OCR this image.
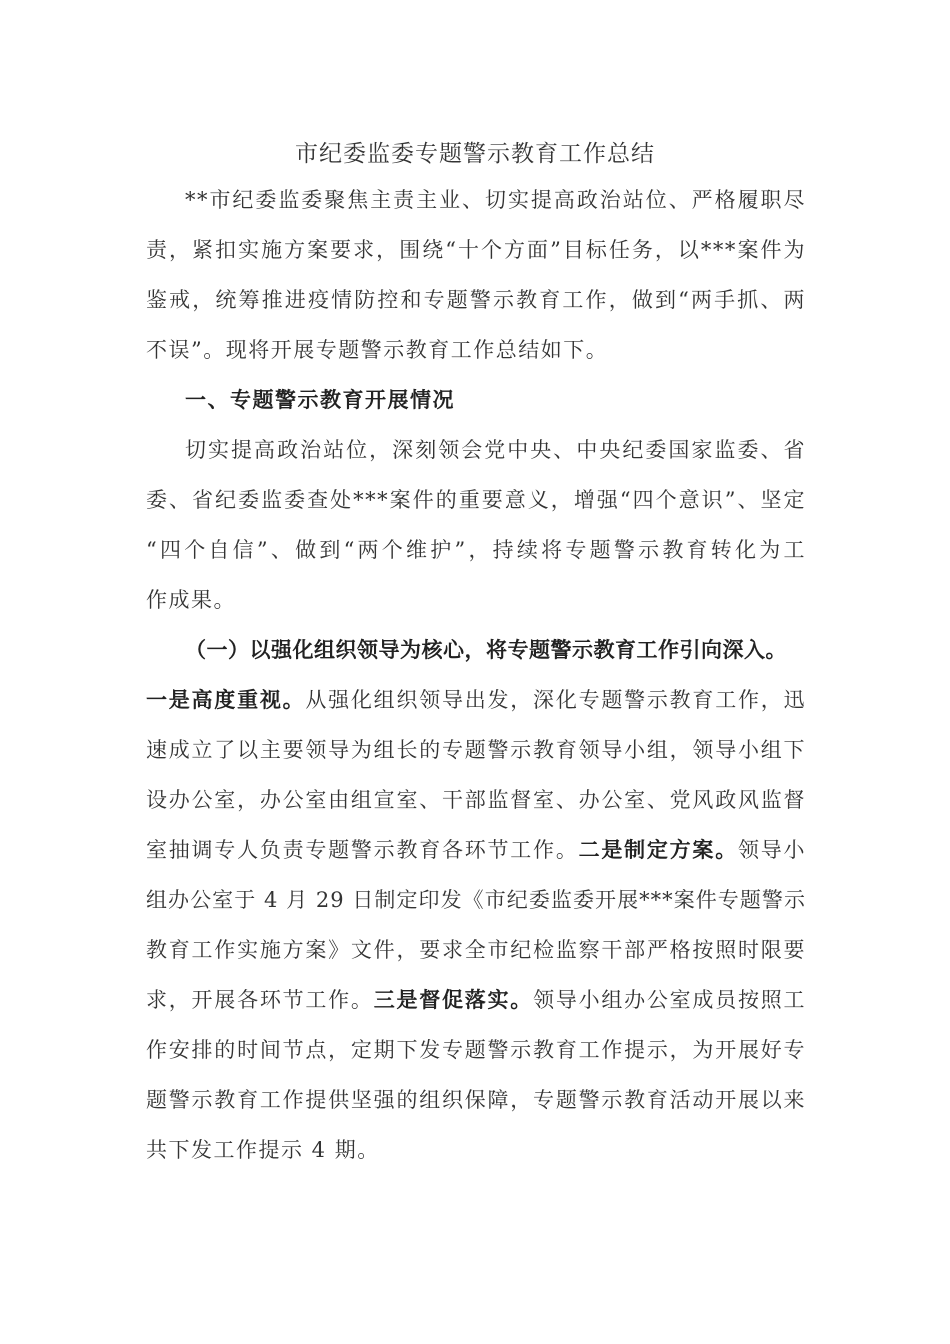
市纪委监委专题警示教育工作总结
**市纪委监委聚焦主责主业、切实提高政治站位、严格履职尽
责，紧扣实施方案要求，围绕“十个方面”目标任务，以***案件为
鉴戒，统筹推进疫情防控和专题警示教育工作，做到“两手抓、两
不误”。现将开展专题警示教育工作总结如下。
一、专题警示教育开展情况
切实提高政治站位，深刻领会党中央、中央纪委国家监委、省
委、省纪委监委查处***案件的重要意义，增强“四个意识”、坚定
“四个自信”、做到“两个维护”，持续将专题警示教育转化为工
作成果。
（一）以强化组织领导为核心，将专题警示教育工作引向深入。
一是高度重视。从强化组织领导出发，深化专题警示教育工作，迅
速成立了以主要领导为组长的专题警示教育领导小组，领导小组下
设办公室，办公室由组宣室、干部监督室、办公室、党风政风监督
室抽调专人负责专题警示教育各环节工作。二是制定方案。领导小
组办公室于 4 月 29 日制定印发《市纪委监委开展***案件专题警示
教育工作实施方案》文件，要求全市纪检监察干部严格按照时限要
求，开展各环节工作。三是督促落实。领导小组办公室成员按照工
作安排的时间节点，定期下发专题警示教育工作提示，为开展好专
题警示教育工作提供坚强的组织保障，专题警示教育活动开展以来
共下发工作提示 4 期。
